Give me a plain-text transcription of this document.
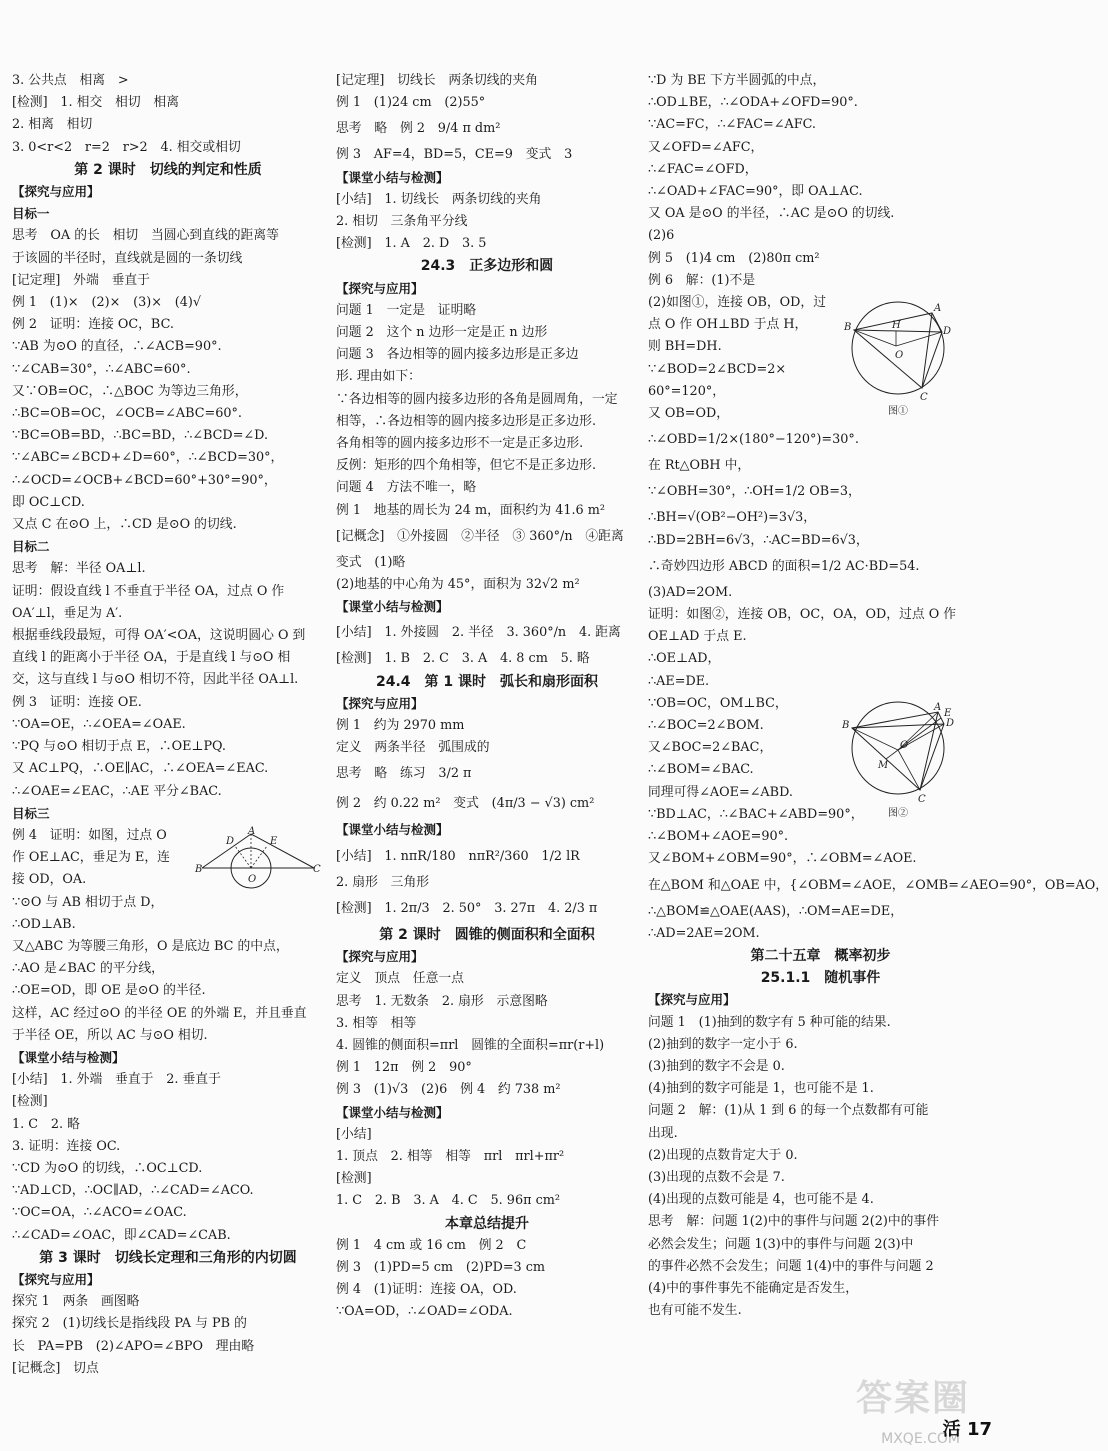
3. 公共点　相离　>
[检测]　1. 相交　相切　相离
2. 相离　相切
3. 0<r<2　r=2　r>2　4. 相交或相切
第 2 课时　切线的判定和性质
【探究与应用】
目标一
思考　OA 的长　相切　当圆心到直线的距离等
于该圆的半径时，直线就是圆的一条切线
[记定理]　外端　垂直于
例 1　(1)×　(2)×　(3)×　(4)√
例 2　证明：连接 OC，BC.
∵AB 为⊙O 的直径，∴∠ACB=90°.
∵∠CAB=30°，∴∠ABC=60°.
又∵OB=OC，∴△BOC 为等边三角形，
∴BC=OB=OC，∠OCB=∠ABC=60°.
∵BC=OB=BD，∴BC=BD，∴∠BCD=∠D.
∵∠ABC=∠BCD+∠D=60°，∴∠BCD=30°，
∴∠OCD=∠OCB+∠BCD=60°+30°=90°，
即 OC⊥CD.
又点 C 在⊙O 上，∴CD 是⊙O 的切线.
目标二
思考　解：半径 OA⊥l.
证明：假设直线 l 不垂直于半径 OA，过点 O 作
OA′⊥l，垂足为 A′.
根据垂线段最短，可得 OA′<OA，这说明圆心 O 到
直线 l 的距离小于半径 OA，于是直线 l 与⊙O 相
交，这与直线 l 与⊙O 相切不符，因此半径 OA⊥l.
例 3　证明：连接 OE.
∵OA=OE，∴∠OEA=∠OAE.
∵PQ 与⊙O 相切于点 E，∴OE⊥PQ.
又 AC⊥PQ，∴OE∥AC，∴∠OEA=∠EAC.
∴∠OAE=∠EAC，∴AE 平分∠BAC.
目标三
例 4　证明：如图，过点 O
作 OE⊥AC，垂足为 E，连
接 OD，OA.
∵⊙O 与 AB 相切于点 D，
∴OD⊥AB.
又△ABC 为等腰三角形，O 是底边 BC 的中点，
∴AO 是∠BAC 的平分线，
∴OE=OD，即 OE 是⊙O 的半径.
这样，AC 经过⊙O 的半径 OE 的外端 E，并且垂直
于半径 OE，所以 AC 与⊙O 相切.
【课堂小结与检测】
[小结]　1. 外端　垂直于　2. 垂直于
[检测]
1. C　2. 略
3. 证明：连接 OC.
∵CD 为⊙O 的切线，∴OC⊥CD.
∵AD⊥CD，∴OC∥AD，∴∠CAD=∠ACO.
∵OC=OA，∴∠ACO=∠OAC.
∴∠CAD=∠OAC，即∠CAD=∠CAB.
第 3 课时　切线长定理和三角形的内切圆
【探究与应用】
探究 1　两条　画图略
探究 2　(1)切线长是指线段 PA 与 PB 的
长　PA=PB　(2)∠APO=∠BPO　理由略
[记概念]　切点
[记定理]　切线长　两条切线的夹角
例 1　(1)24 cm　(2)55°
思考　略　例 2　9/4 π dm²
例 3　AF=4，BD=5，CE=9　变式　3
【课堂小结与检测】
[小结]　1. 切线长　两条切线的夹角
2. 相切　三条角平分线
[检测]　1. A　2. D　3. 5
24.3　正多边形和圆
【探究与应用】
问题 1　一定是　证明略
问题 2　这个 n 边形一定是正 n 边形
问题 3　各边相等的圆内接多边形是正多边
形. 理由如下：
∵各边相等的圆内接多边形的各角是圆周角，一定
相等，∴各边相等的圆内接多边形是正多边形.
各角相等的圆内接多边形不一定是正多边形.
反例：矩形的四个角相等，但它不是正多边形.
问题 4　方法不唯一，略
例 1　地基的周长为 24 m，面积约为 41.6 m²
[记概念]　①外接圆　②半径　③ 360°/n　④距离
变式　(1)略
(2)地基的中心角为 45°，面积为 32√2 m²
【课堂小结与检测】
[小结]　1. 外接圆　2. 半径　3. 360°/n　4. 距离
[检测]　1. B　2. C　3. A　4. 8 cm　5. 略
24.4　第 1 课时　弧长和扇形面积
【探究与应用】
例 1　约为 2970 mm
定义　两条半径　弧围成的
思考　略　练习　3/2 π
例 2　约 0.22 m²　变式　(4π/3 − √3) cm²
【课堂小结与检测】
[小结]　1. nπR/180　nπR²/360　1/2 lR
2. 扇形　三角形
[检测]　1. 2π/3　2. 50°　3. 27π　4. 2/3 π
第 2 课时　圆锥的侧面积和全面积
【探究与应用】
定义　顶点　任意一点
思考　1. 无数条　2. 扇形　示意图略
3. 相等　相等
4. 圆锥的侧面积=πrl　圆锥的全面积=πr(r+l)
例 1　12π　例 2　90°
例 3　(1)√3　(2)6　例 4　约 738 m²
【课堂小结与检测】
[小结]
1. 顶点　2. 相等　相等　πrl　πrl+πr²
[检测]
1. C　2. B　3. A　4. C　5. 96π cm²
本章总结提升
例 1　4 cm 或 16 cm　例 2　C
例 3　(1)PD=5 cm　(2)PD=3 cm
例 4　(1)证明：连接 OA，OD.
∵OA=OD，∴∠OAD=∠ODA.
∵D 为 BE 下方半圆弧的中点，
∴OD⊥BE，∴∠ODA+∠OFD=90°.
∵AC=FC，∴∠FAC=∠AFC.
又∠OFD=∠AFC，
∴∠FAC=∠OFD，
∴∠OAD+∠FAC=90°，即 OA⊥AC.
又 OA 是⊙O 的半径，∴AC 是⊙O 的切线.
(2)6
例 5　(1)4 cm　(2)80π cm²
例 6　解：(1)不是
(2)如图①，连接 OB，OD，过
点 O 作 OH⊥BD 于点 H，
则 BH=DH.
∵∠BOD=2∠BCD=2×
60°=120°，
又 OB=OD，
∴∠OBD=1/2×(180°−120°)=30°.
在 Rt△OBH 中，
∵∠OBH=30°，∴OH=1/2 OB=3，
∴BH=√(OB²−OH²)=3√3，
∴BD=2BH=6√3，∴AC=BD=6√3，
∴奇妙四边形 ABCD 的面积=1/2 AC·BD=54.
(3)AD=2OM.
证明：如图②，连接 OB，OC，OA，OD，过点 O 作
OE⊥AD 于点 E.
∴OE⊥AD，
∴AE=DE.
∵OB=OC，OM⊥BC，
∴∠BOC=2∠BOM.
又∠BOC=2∠BAC，
∴∠BOM=∠BAC.
同理可得∠AOE=∠ABD.
∵BD⊥AC，∴∠BAC+∠ABD=90°，
∴∠BOM+∠AOE=90°.
又∠BOM+∠OBM=90°，∴∠OBM=∠AOE.
在△BOM 和△OAE 中，{∠OBM=∠AOE，∠OMB=∠AEO=90°，OB=AO，
∴△BOM≌△OAE(AAS)，∴OM=AE=DE，
∴AD=2AE=2OM.
第二十五章　概率初步
25.1.1　随机事件
【探究与应用】
问题 1　(1)抽到的数字有 5 种可能的结果.
(2)抽到的数字一定小于 6.
(3)抽到的数字不会是 0.
(4)抽到的数字可能是 1，也可能不是 1.
问题 2　解：(1)从 1 到 6 的每一个点数都有可能
出现.
(2)出现的点数肯定大于 0.
(3)出现的点数不会是 7.
(4)出现的点数可能是 4，也可能不是 4.
思考　解：问题 1(2)中的事件与问题 2(2)中的事件
必然会发生；问题 1(3)中的事件与问题 2(3)中
的事件必然不会发生；问题 1(4)中的事件与问题 2
(4)中的事件事先不能确定是否发生，
也有可能不发生.
A
B	C
D	E
O
A
B
C
D
H
O
图①
B
A
C
D
E
O
M
图②
答案圈
MXQE.COM
活 17
